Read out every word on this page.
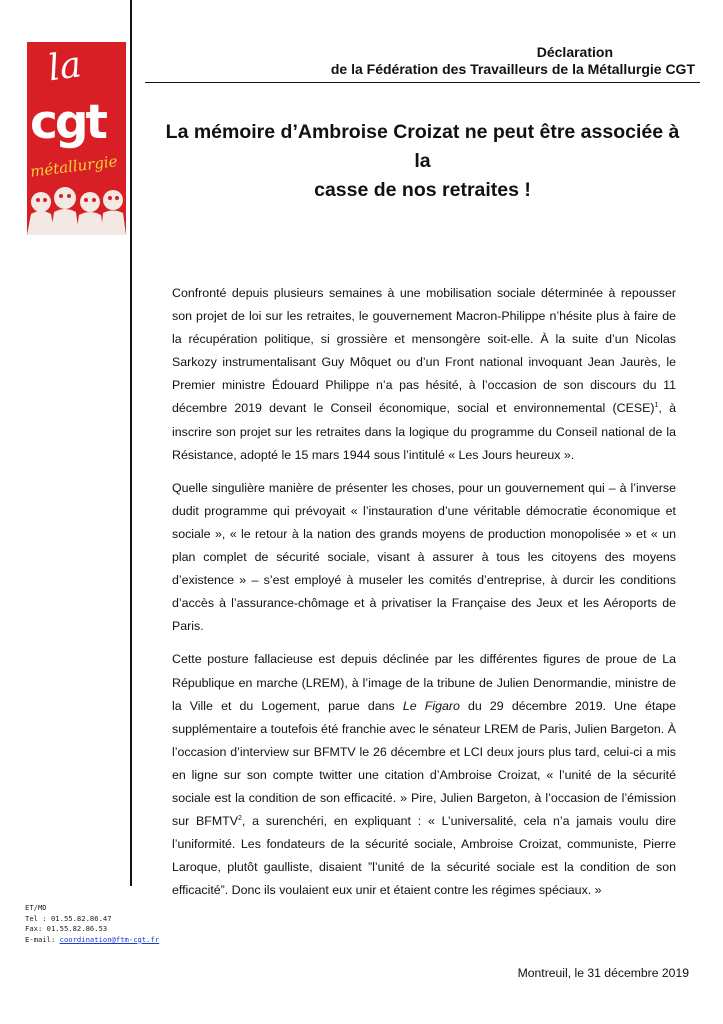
la
cgt
métallurgie
Déclaration
de la Fédération des Travailleurs de la Métallurgie CGT
La mémoire d’Ambroise Croizat ne peut être associée à la
casse de nos retraites !

Confronté depuis plusieurs semaines à une mobilisation sociale déterminée à repousser son projet de loi sur les retraites, le gouvernement Macron-Philippe n’hésite plus à faire de la récupération politique, si grossière et mensongère soit-elle. À la suite d’un Nicolas Sarkozy instrumentalisant Guy Môquet ou d’un Front national invoquant Jean Jaurès, le Premier ministre Édouard Philippe n’a pas hésité, à l’occasion de son discours du 11 décembre 2019 devant le Conseil économique, social et environnemental (CESE)$^1$, à inscrire son projet sur les retraites dans la logique du programme du Conseil national de la Résistance, adopté le 15 mars 1944 sous l’intitulé « Les Jours heureux ».

Quelle singulière manière de présenter les choses, pour un gouvernement qui – à l’inverse dudit programme qui prévoyait « l’instauration d’une véritable démocratie économique et sociale », « le retour à la nation des grands moyens de production monopolisée » et « un plan complet de sécurité sociale, visant à assurer à tous les citoyens des moyens d’existence » – s’est employé à museler les comités d’entreprise, à durcir les conditions d’accès à l’assurance-chômage et à privatiser la Française des Jeux et les Aéroports de Paris.

Cette posture fallacieuse est depuis déclinée par les différentes figures de proue de La République en marche (LREM), à l’image de la tribune de Julien Denormandie, ministre de la Ville et du Logement, parue dans Le Figaro du 29 décembre 2019. Une étape supplémentaire a toutefois été franchie avec le sénateur LREM de Paris, Julien Bargeton. À l’occasion d’interview sur BFMTV le 26 décembre et LCI deux jours plus tard, celui-ci a mis en ligne sur son compte twitter une citation d’Ambroise Croizat, « l’unité de la sécurité sociale est la condition de son efficacité. » Pire, Julien Bargeton, à l’occasion de l’émission sur BFMTV$^2$, a surenchéri, en expliquant : « L’universalité, cela n’a jamais voulu dire l’uniformité. Les fondateurs de la sécurité sociale, Ambroise Croizat, communiste, Pierre Laroque, plutôt gaulliste, disaient ”l’unité de la sécurité sociale est la condition de son efficacité”. Donc ils voulaient eux unir et étaient contre les régimes spéciaux. »

ET/MD
Tel : 01.55.82.86.47
Fax: 01.55.82.86.53
E-mail: coordination@ftm-cgt.fr
Montreuil, le 31 décembre 2019
